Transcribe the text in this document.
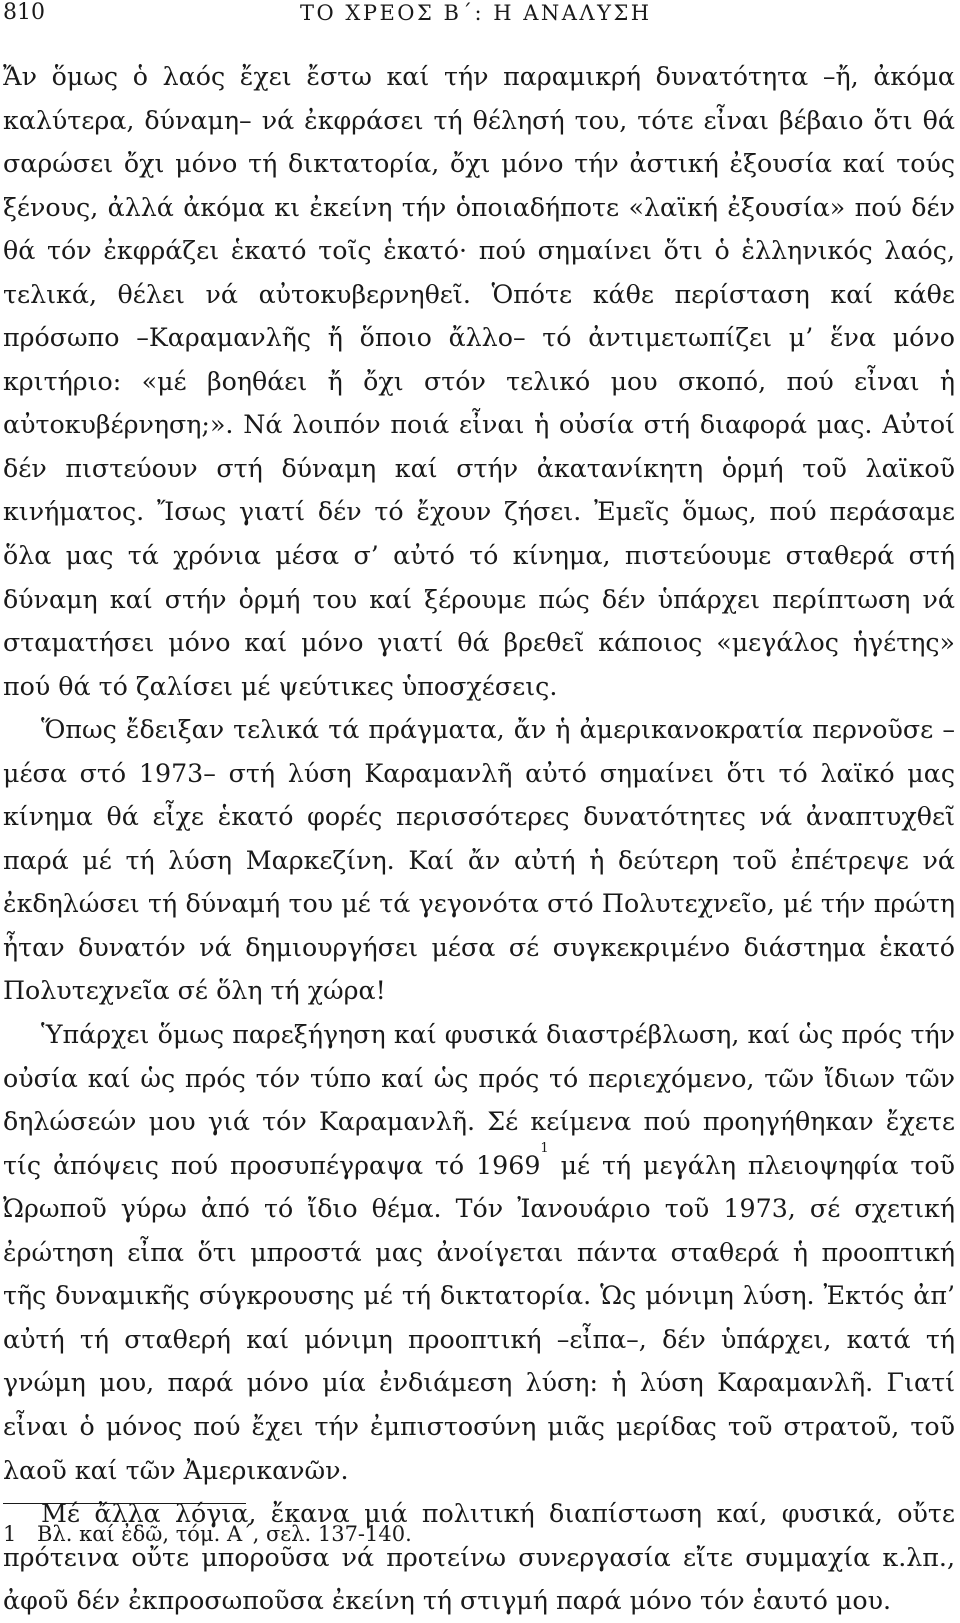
810	ΤΟ ΧΡΕΟΣ Β΄: Η ΑΝΑΛΥΣΗ

Ἄν ὅμως ὁ λαός ἔχει ἔστω καί τήν παραμικρή δυνατότητα –ἤ, ἀκόμα καλύτερα, δύναμη– νά ἐκφράσει τή θέλησή του, τότε εἶναι βέβαιο ὅτι θά σαρώσει ὄχι μόνο τή δικτατορία, ὄχι μόνο τήν ἀστική ἐξουσία καί τούς ξένους, ἀλλά ἀκόμα κι ἐκείνη τήν ὁποιαδήποτε «λαϊκή ἐξουσία» πού δέν θά τόν ἐκφράζει ἑκατό τοῖς ἑκατό· πού σημαίνει ὅτι ὁ ἑλληνικός λαός, τελικά, θέλει νά αὐτοκυβερνηθεῖ. Ὁπότε κάθε περίσταση καί κάθε πρόσωπο –Καραμανλῆς ἤ ὅποιο ἄλλο– τό ἀντιμετωπίζει μ’ ἕνα μόνο κριτήριο: «μέ βοηθάει ἤ ὄχι στόν τελικό μου σκοπό, πού εἶναι ἡ αὐτοκυβέρνηση;». Νά λοιπόν ποιά εἶναι ἡ οὐσία στή διαφορά μας. Αὐτοί δέν πιστεύουν στή δύναμη καί στήν ἀκατανίκητη ὁρμή τοῦ λαϊκοῦ κινήματος. Ἴσως γιατί δέν τό ἔχουν ζήσει. Ἐμεῖς ὅμως, πού περάσαμε ὅλα μας τά χρόνια μέσα σ’ αὐτό τό κίνημα, πιστεύουμε σταθερά στή δύναμη καί στήν ὁρμή του καί ξέρουμε πώς δέν ὑπάρχει περίπτωση νά σταματήσει μόνο καί μόνο γιατί θά βρεθεῖ κάποιος «μεγάλος ἡγέτης» πού θά τό ζαλίσει μέ ψεύτικες ὑποσχέσεις.

Ὅπως ἔδειξαν τελικά τά πράγματα, ἄν ἡ ἀμερικανοκρατία περνοῦσε –μέσα στό 1973– στή λύση Καραμανλῆ αὐτό σημαίνει ὅτι τό λαϊκό μας κίνημα θά εἶχε ἑκατό φορές περισσότερες δυνατότητες νά ἀναπτυχθεῖ παρά μέ τή λύση Μαρκεζίνη. Καί ἄν αὐτή ἡ δεύτερη τοῦ ἐπέτρεψε νά ἐκδηλώσει τή δύναμή του μέ τά γεγονότα στό Πολυτεχνεῖο, μέ τήν πρώτη ἦταν δυνατόν νά δημιουργήσει μέσα σέ συγκεκριμένο διάστημα ἑκατό Πολυτεχνεῖα σέ ὅλη τή χώρα!

Ὑπάρχει ὅμως παρεξήγηση καί φυσικά διαστρέβλωση, καί ὡς πρός τήν οὐσία καί ὡς πρός τόν τύπο καί ὡς πρός τό περιεχόμενο, τῶν ἴδιων τῶν δηλώσεών μου γιά τόν Καραμανλῆ. Σέ κείμενα πού προηγήθηκαν ἔχετε τίς ἀπόψεις πού προσυπέγραψα τό 1969$^1$ μέ τή μεγάλη πλειοψηφία τοῦ Ὠρωποῦ γύρω ἀπό τό ἴδιο θέμα. Τόν Ἰανουάριο τοῦ 1973, σέ σχετική ἐρώτηση εἶπα ὅτι μπροστά μας ἀνοίγεται πάντα σταθερά ἡ προοπτική τῆς δυναμικῆς σύγκρουσης μέ τή δικτατορία. Ὡς μόνιμη λύση. Ἐκτός ἀπ’ αὐτή τή σταθερή καί μόνιμη προοπτική –εἶπα–, δέν ὑπάρχει, κατά τή γνώμη μου, παρά μόνο μία ἐνδιάμεση λύση: ἡ λύση Καραμανλῆ. Γιατί εἶναι ὁ μόνος πού ἔχει τήν ἐμπιστοσύνη μιᾶς μερίδας τοῦ στρατοῦ, τοῦ λαοῦ καί τῶν Ἀμερικανῶν.

Μέ ἄλλα λόγια, ἔκανα μιά πολιτική διαπίστωση καί, φυσικά, οὔτε πρότεινα οὔτε μποροῦσα νά προτείνω συνεργασία εἴτε συμμαχία κ.λπ., ἀφοῦ δέν ἐκπροσωποῦσα ἐκείνη τή στιγμή παρά μόνο τόν ἑαυτό μου.

1 Βλ. καί ἐδῶ, τόμ. Α΄, σελ. 137-140.
